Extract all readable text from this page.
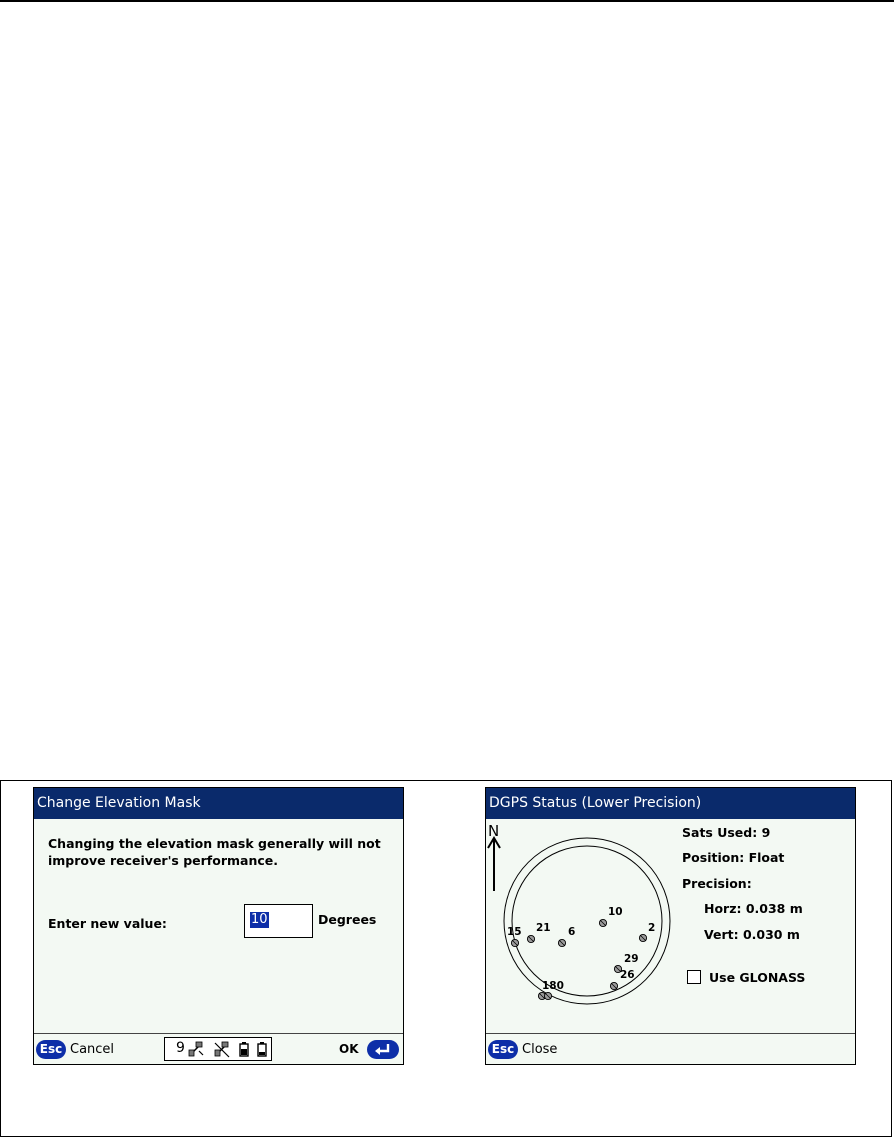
Change Elevation Mask
Changing the elevation mask generally will not
improve receiver's performance.
Enter new value:	10	Degrees
Esc Cancel	9	OK
DGPS Status (Lower Precision)
N
15 21 6
10
2
29
26
180
Sats Used: 9
Position: Float
Precision:
Horz: 0.038 m
Vert: 0.030 m
Use GLONASS
Esc Close
